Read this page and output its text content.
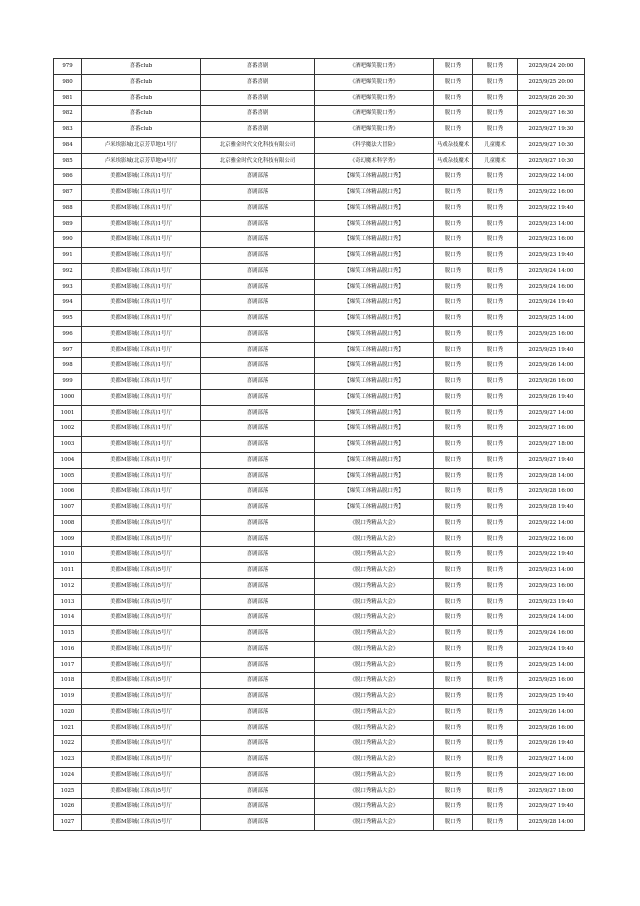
979	喜番club	喜番喜剧	《酒吧爆笑脱口秀》	脱口秀	脱口秀	2025/9/24 20:00
980	喜番club	喜番喜剧	《酒吧爆笑脱口秀》	脱口秀	脱口秀	2025/9/25 20:00
981	喜番club	喜番喜剧	《酒吧爆笑脱口秀》	脱口秀	脱口秀	2025/9/26 20:30
982	喜番club	喜番喜剧	《酒吧爆笑脱口秀》	脱口秀	脱口秀	2025/9/27 16:30
983	喜番club	喜番喜剧	《酒吧爆笑脱口秀》	脱口秀	脱口秀	2025/9/27 19:30
984	卢米埃影城(北京芳草地)1号厅	北京雅金时代文化科技有限公司	《科学魔法大冒险》	马戏杂技魔术	儿童魔术	2025/9/27 10:30
985	卢米埃影城(北京芳草地)4号厅	北京雅金时代文化科技有限公司	《奇幻魔术科学秀》	马戏杂技魔术	儿童魔术	2025/9/27 10:30
986	美都M影城(工体店)1号厅	喜剧部落	【爆笑工体精品脱口秀】	脱口秀	脱口秀	2025/9/22 14:00
987	美都M影城(工体店)1号厅	喜剧部落	【爆笑工体精品脱口秀】	脱口秀	脱口秀	2025/9/22 16:00
988	美都M影城(工体店)1号厅	喜剧部落	【爆笑工体精品脱口秀】	脱口秀	脱口秀	2025/9/22 19:40
989	美都M影城(工体店)1号厅	喜剧部落	【爆笑工体精品脱口秀】	脱口秀	脱口秀	2025/9/23 14:00
990	美都M影城(工体店)1号厅	喜剧部落	【爆笑工体精品脱口秀】	脱口秀	脱口秀	2025/9/23 16:00
991	美都M影城(工体店)1号厅	喜剧部落	【爆笑工体精品脱口秀】	脱口秀	脱口秀	2025/9/23 19:40
992	美都M影城(工体店)1号厅	喜剧部落	【爆笑工体精品脱口秀】	脱口秀	脱口秀	2025/9/24 14:00
993	美都M影城(工体店)1号厅	喜剧部落	【爆笑工体精品脱口秀】	脱口秀	脱口秀	2025/9/24 16:00
994	美都M影城(工体店)1号厅	喜剧部落	【爆笑工体精品脱口秀】	脱口秀	脱口秀	2025/9/24 19:40
995	美都M影城(工体店)1号厅	喜剧部落	【爆笑工体精品脱口秀】	脱口秀	脱口秀	2025/9/25 14:00
996	美都M影城(工体店)1号厅	喜剧部落	【爆笑工体精品脱口秀】	脱口秀	脱口秀	2025/9/25 16:00
997	美都M影城(工体店)1号厅	喜剧部落	【爆笑工体精品脱口秀】	脱口秀	脱口秀	2025/9/25 19:40
998	美都M影城(工体店)1号厅	喜剧部落	【爆笑工体精品脱口秀】	脱口秀	脱口秀	2025/9/26 14:00
999	美都M影城(工体店)1号厅	喜剧部落	【爆笑工体精品脱口秀】	脱口秀	脱口秀	2025/9/26 16:00
1000	美都M影城(工体店)1号厅	喜剧部落	【爆笑工体精品脱口秀】	脱口秀	脱口秀	2025/9/26 19:40
1001	美都M影城(工体店)1号厅	喜剧部落	【爆笑工体精品脱口秀】	脱口秀	脱口秀	2025/9/27 14:00
1002	美都M影城(工体店)1号厅	喜剧部落	【爆笑工体精品脱口秀】	脱口秀	脱口秀	2025/9/27 16:00
1003	美都M影城(工体店)1号厅	喜剧部落	【爆笑工体精品脱口秀】	脱口秀	脱口秀	2025/9/27 18:00
1004	美都M影城(工体店)1号厅	喜剧部落	【爆笑工体精品脱口秀】	脱口秀	脱口秀	2025/9/27 19:40
1005	美都M影城(工体店)1号厅	喜剧部落	【爆笑工体精品脱口秀】	脱口秀	脱口秀	2025/9/28 14:00
1006	美都M影城(工体店)1号厅	喜剧部落	【爆笑工体精品脱口秀】	脱口秀	脱口秀	2025/9/28 16:00
1007	美都M影城(工体店)1号厅	喜剧部落	【爆笑工体精品脱口秀】	脱口秀	脱口秀	2025/9/28 19:40
1008	美都M影城(工体店)5号厅	喜剧部落	《脱口秀精品大会》	脱口秀	脱口秀	2025/9/22 14:00
1009	美都M影城(工体店)5号厅	喜剧部落	《脱口秀精品大会》	脱口秀	脱口秀	2025/9/22 16:00
1010	美都M影城(工体店)5号厅	喜剧部落	《脱口秀精品大会》	脱口秀	脱口秀	2025/9/22 19:40
1011	美都M影城(工体店)5号厅	喜剧部落	《脱口秀精品大会》	脱口秀	脱口秀	2025/9/23 14:00
1012	美都M影城(工体店)5号厅	喜剧部落	《脱口秀精品大会》	脱口秀	脱口秀	2025/9/23 16:00
1013	美都M影城(工体店)5号厅	喜剧部落	《脱口秀精品大会》	脱口秀	脱口秀	2025/9/23 19:40
1014	美都M影城(工体店)5号厅	喜剧部落	《脱口秀精品大会》	脱口秀	脱口秀	2025/9/24 14:00
1015	美都M影城(工体店)5号厅	喜剧部落	《脱口秀精品大会》	脱口秀	脱口秀	2025/9/24 16:00
1016	美都M影城(工体店)5号厅	喜剧部落	《脱口秀精品大会》	脱口秀	脱口秀	2025/9/24 19:40
1017	美都M影城(工体店)5号厅	喜剧部落	《脱口秀精品大会》	脱口秀	脱口秀	2025/9/25 14:00
1018	美都M影城(工体店)5号厅	喜剧部落	《脱口秀精品大会》	脱口秀	脱口秀	2025/9/25 16:00
1019	美都M影城(工体店)5号厅	喜剧部落	《脱口秀精品大会》	脱口秀	脱口秀	2025/9/25 19:40
1020	美都M影城(工体店)5号厅	喜剧部落	《脱口秀精品大会》	脱口秀	脱口秀	2025/9/26 14:00
1021	美都M影城(工体店)5号厅	喜剧部落	《脱口秀精品大会》	脱口秀	脱口秀	2025/9/26 16:00
1022	美都M影城(工体店)5号厅	喜剧部落	《脱口秀精品大会》	脱口秀	脱口秀	2025/9/26 19:40
1023	美都M影城(工体店)5号厅	喜剧部落	《脱口秀精品大会》	脱口秀	脱口秀	2025/9/27 14:00
1024	美都M影城(工体店)5号厅	喜剧部落	《脱口秀精品大会》	脱口秀	脱口秀	2025/9/27 16:00
1025	美都M影城(工体店)5号厅	喜剧部落	《脱口秀精品大会》	脱口秀	脱口秀	2025/9/27 18:00
1026	美都M影城(工体店)5号厅	喜剧部落	《脱口秀精品大会》	脱口秀	脱口秀	2025/9/27 19:40
1027	美都M影城(工体店)5号厅	喜剧部落	《脱口秀精品大会》	脱口秀	脱口秀	2025/9/28 14:00
